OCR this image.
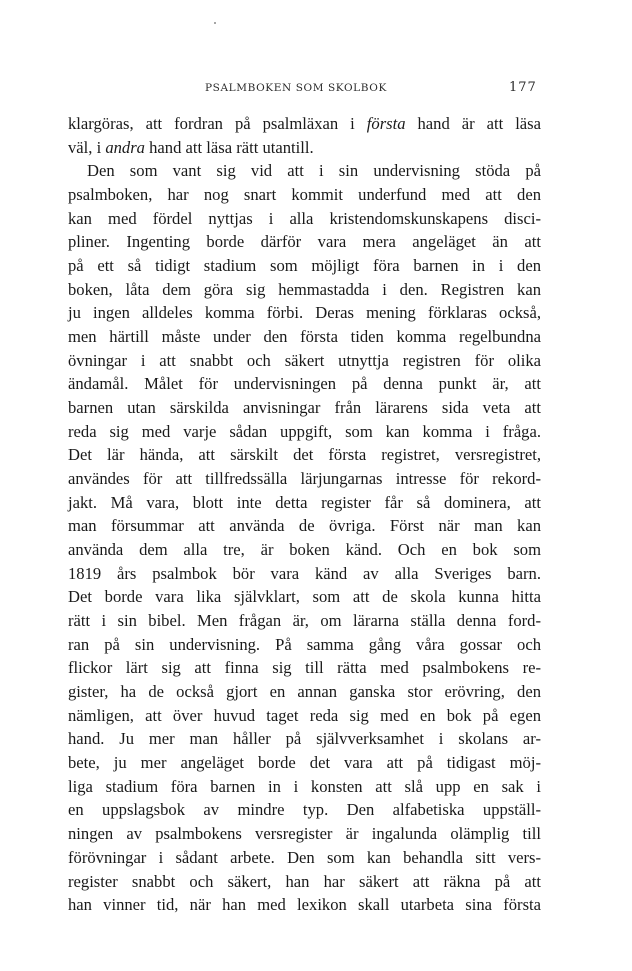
PSALMBOKEN SOM SKOLBOK	177
klargöras, att fordran på psalmläxan i första hand är att läsa
väl, i andra hand att läsa rätt utantill.
Den som vant sig vid att i sin undervisning stöda på
psalmboken, har nog snart kommit underfund med att den
kan med fördel nyttjas i alla kristendomskunskapens disci-
pliner. Ingenting borde därför vara mera angeläget än att
på ett så tidigt stadium som möjligt föra barnen in i den
boken, låta dem göra sig hemmastadda i den. Registren kan
ju ingen alldeles komma förbi. Deras mening förklaras också,
men härtill måste under den första tiden komma regelbundna
övningar i att snabbt och säkert utnyttja registren för olika
ändamål. Målet för undervisningen på denna punkt är, att
barnen utan särskilda anvisningar från lärarens sida veta att
reda sig med varje sådan uppgift, som kan komma i fråga.
Det lär hända, att särskilt det första registret, versregistret,
användes för att tillfredssälla lärjungarnas intresse för rekord-
jakt. Må vara, blott inte detta register får så dominera, att
man försummar att använda de övriga. Först när man kan
använda dem alla tre, är boken känd. Och en bok som
1819 års psalmbok bör vara känd av alla Sveriges barn.
Det borde vara lika självklart, som att de skola kunna hitta
rätt i sin bibel. Men frågan är, om lärarna ställa denna ford-
ran på sin undervisning. På samma gång våra gossar och
flickor lärt sig att finna sig till rätta med psalmbokens re-
gister, ha de också gjort en annan ganska stor erövring, den
nämligen, att över huvud taget reda sig med en bok på egen
hand. Ju mer man håller på självverksamhet i skolans ar-
bete, ju mer angeläget borde det vara att på tidigast möj-
liga stadium föra barnen in i konsten att slå upp en sak i
en uppslagsbok av mindre typ. Den alfabetiska uppställ-
ningen av psalmbokens versregister är ingalunda olämplig till
förövningar i sådant arbete. Den som kan behandla sitt vers-
register snabbt och säkert, han har säkert att räkna på att
han vinner tid, när han med lexikon skall utarbeta sina första
